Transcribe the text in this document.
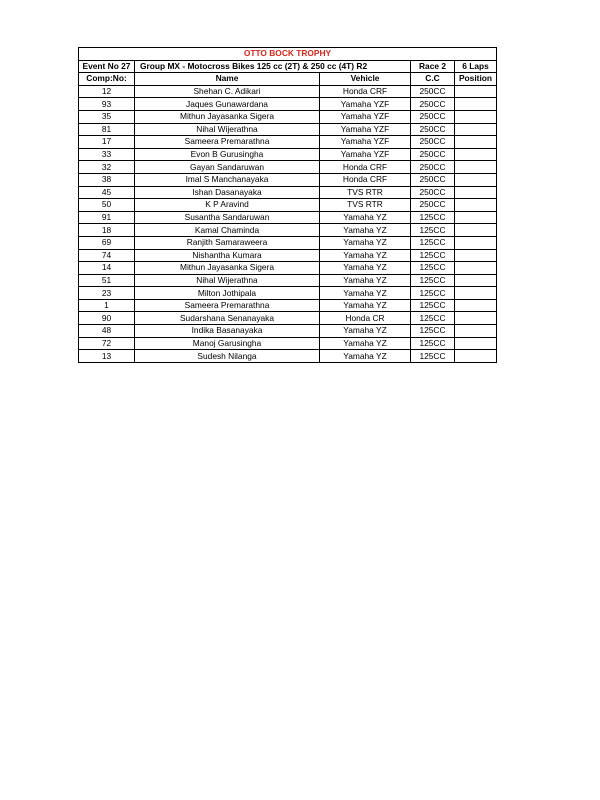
OTTO BOCK TROPHY				
Event No 27	Group MX - Motocross Bikes 125 cc (2T) & 250 cc (4T) R2		Race 2	6 Laps
Comp:No:	Name	Vehicle	C.C	Position
12	Shehan C. Adikari	Honda CRF	250CC	
93	Jaques Gunawardana	Yamaha YZF	250CC	
35	Mithun Jayasanka Sigera	Yamaha YZF	250CC	
81	Nihal Wijerathna	Yamaha YZF	250CC	
17	Sameera Premarathna	Yamaha YZF	250CC	
33	Evon B Gurusingha	Yamaha YZF	250CC	
32	Gayan Sandaruwan	Honda CRF	250CC	
38	Imal S Manchanayaka	Honda CRF	250CC	
45	Ishan Dasanayaka	TVS RTR	250CC	
50	K P Aravind	TVS RTR	250CC	
91	Susantha Sandaruwan	Yamaha YZ	125CC	
18	Kamal Chaminda	Yamaha YZ	125CC	
69	Ranjith Samaraweera	Yamaha YZ	125CC	
74	Nishantha Kumara	Yamaha YZ	125CC	
14	Mithun Jayasanka Sigera	Yamaha YZ	125CC	
51	Nihal Wijerathna	Yamaha YZ	125CC	
23	Milton Jothipala	Yamaha YZ	125CC	
1	Sameera Premarathna	Yamaha YZ	125CC	
90	Sudarshana Senanayaka	Honda CR	125CC	
48	Indika Basanayaka	Yamaha YZ	125CC	
72	Manoj Garusingha	Yamaha YZ	125CC	
13	Sudesh Nilanga	Yamaha YZ	125CC	
